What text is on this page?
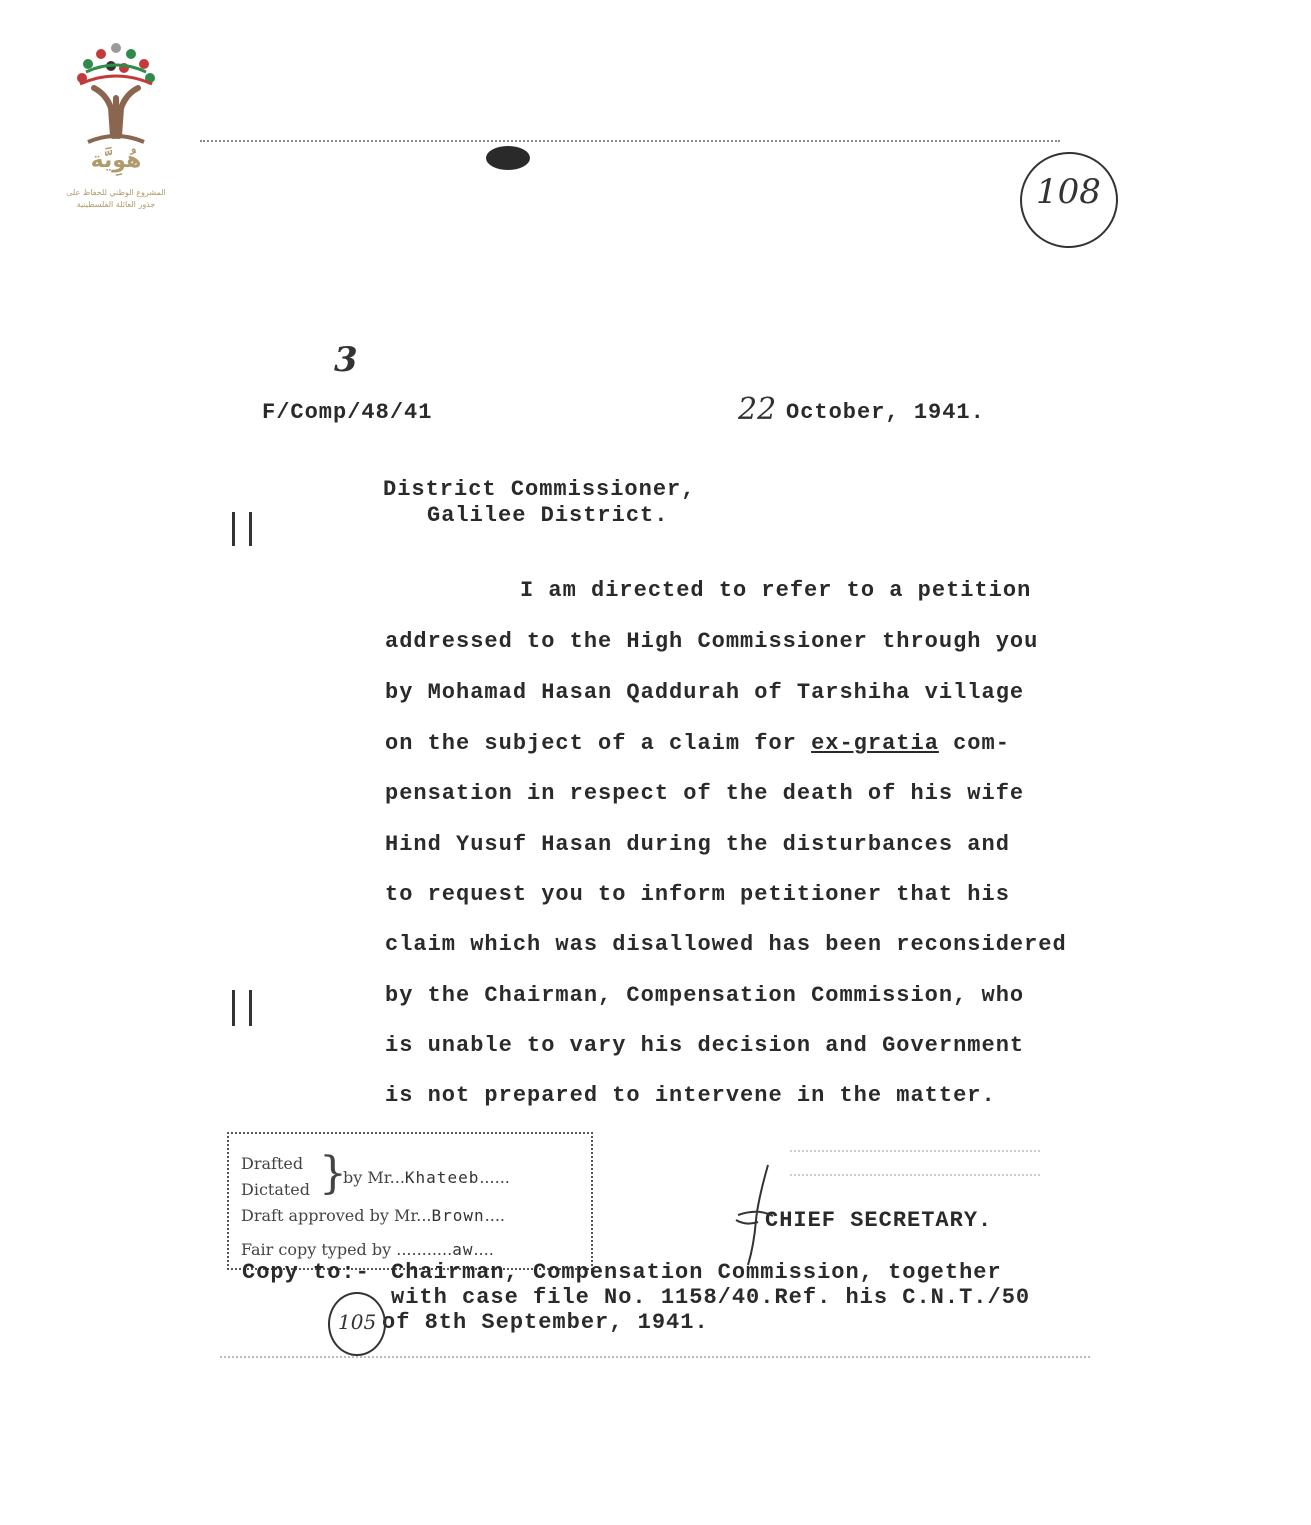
هُوِيَّة
المشروع الوطني للحفاظ على
جذور العائلة الفلسطينية	108
3
F/Comp/48/41	22 October, 1941.
District Commissioner,
Galilee District.
I am directed to refer to a petition
addressed to the High Commissioner through you
by Mohamad Hasan Qaddurah of Tarshiha village
on the subject of a claim for ex-gratia com-
pensation in respect of the death of his wife
Hind Yusuf Hasan during the disturbances and
to request you to inform petitioner that his
claim which was disallowed has been reconsidered
by the Chairman, Compensation Commission, who
is unable to vary his decision and Government
is not prepared to intervene in the matter.
Drafted
Dictated }
by Mr...Khateeb......
Draft approved by Mr...Brown....
Fair copy typed by ...........aw....
CHIEF SECRETARY.
Copy to:- Chairman, Compensation Commission, together
with case file No. 1158/40.Ref. his C.N.T./50
of 8th September, 1941.
105
